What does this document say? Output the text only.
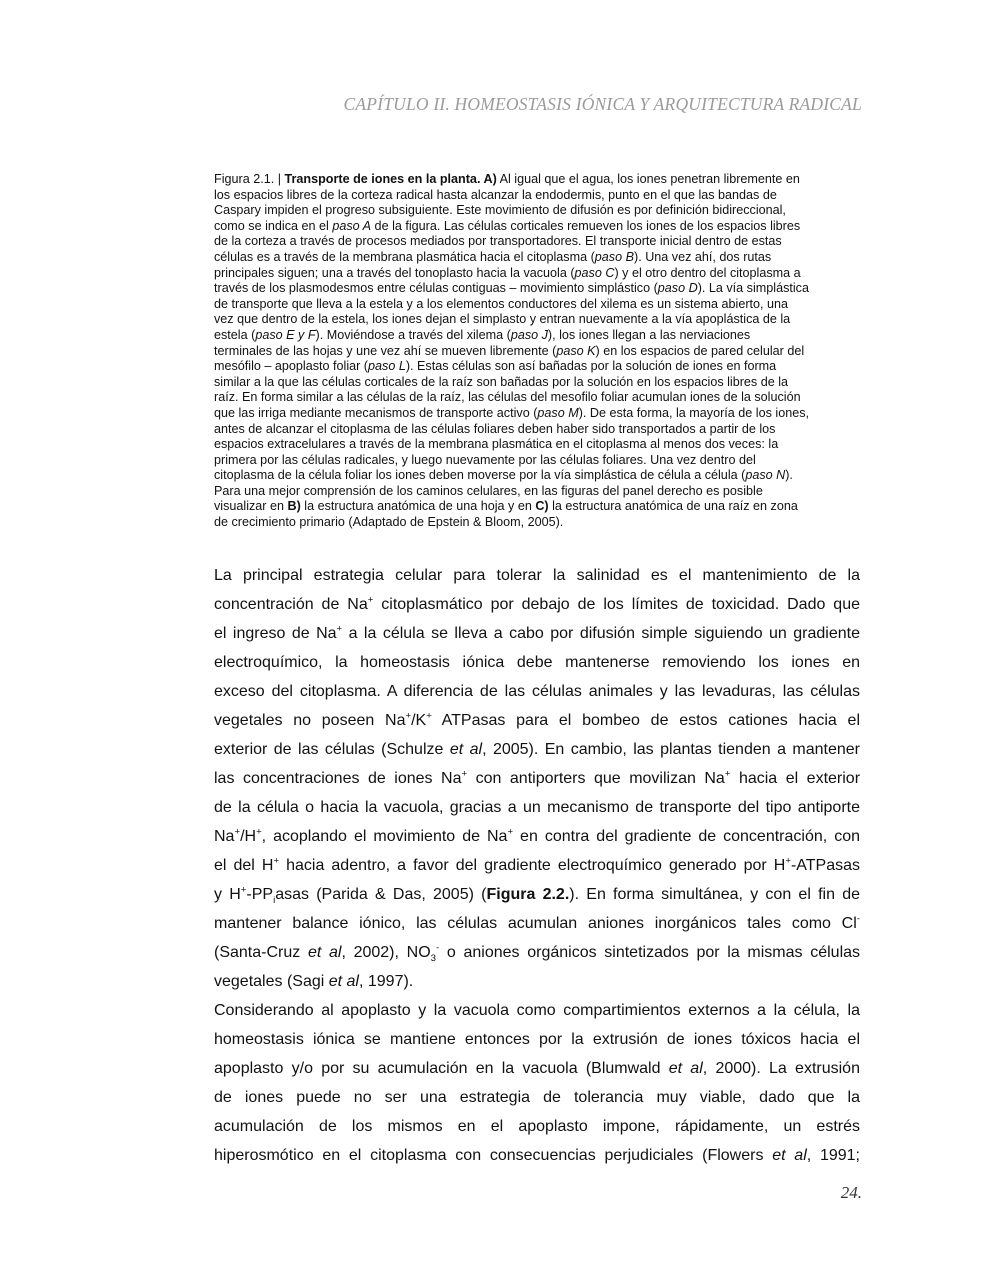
CAPÍTULO II. HOMEOSTASIS IÓNICA Y ARQUITECTURA RADICAL
Figura 2.1. | Transporte de iones en la planta. A) Al igual que el agua, los iones penetran libremente en
los espacios libres de la corteza radical hasta alcanzar la endodermis, punto en el que las bandas de
Caspary impiden el progreso subsiguiente. Este movimiento de difusión es por definición bidireccional,
como se indica en el paso A de la figura. Las células corticales remueven los iones de los espacios libres
de la corteza a través de procesos mediados por transportadores. El transporte inicial dentro de estas
células es a través de la membrana plasmática hacia el citoplasma (paso B). Una vez ahí, dos rutas
principales siguen; una a través del tonoplasto hacia la vacuola (paso C) y el otro dentro del citoplasma a
través de los plasmodesmos entre células contiguas – movimiento simplástico (paso D). La vía simplástica
de transporte que lleva a la estela y a los elementos conductores del xilema es un sistema abierto, una
vez que dentro de la estela, los iones dejan el simplasto y entran nuevamente a la vía apoplástica de la
estela (paso E y F). Moviéndose a través del xilema (paso J), los iones llegan a las nerviaciones
terminales de las hojas y une vez ahí se mueven libremente (paso K) en los espacios de pared celular del
mesófilo – apoplasto foliar (paso L). Estas células son así bañadas por la solución de iones en forma
similar a la que las células corticales de la raíz son bañadas por la solución en los espacios libres de la
raíz. En forma similar a las células de la raíz, las células del mesofilo foliar acumulan iones de la solución
que las irriga mediante mecanismos de transporte activo (paso M). De esta forma, la mayoría de los iones,
antes de alcanzar el citoplasma de las células foliares deben haber sido transportados a partir de los
espacios extracelulares a través de la membrana plasmática en el citoplasma al menos dos veces: la
primera por las células radicales, y luego nuevamente por las células foliares. Una vez dentro del
citoplasma de la célula foliar los iones deben moverse por la vía simplástica de célula a célula (paso N).
Para una mejor comprensión de los caminos celulares, en las figuras del panel derecho es posible
visualizar en B) la estructura anatómica de una hoja y en C) la estructura anatómica de una raíz en zona
de crecimiento primario (Adaptado de Epstein & Bloom, 2005).
La principal estrategia celular para tolerar la salinidad es el mantenimiento de la
concentración de Na+ citoplasmático por debajo de los límites de toxicidad. Dado que
el ingreso de Na+ a la célula se lleva a cabo por difusión simple siguiendo un gradiente
electroquímico, la homeostasis iónica debe mantenerse removiendo los iones en
exceso del citoplasma. A diferencia de las células animales y las levaduras, las células
vegetales no poseen Na+/K+ ATPasas para el bombeo de estos cationes hacia el
exterior de las células (Schulze et al, 2005). En cambio, las plantas tienden a mantener
las concentraciones de iones Na+ con antiporters que movilizan Na+ hacia el exterior
de la célula o hacia la vacuola, gracias a un mecanismo de transporte del tipo antiporte
Na+/H+, acoplando el movimiento de Na+ en contra del gradiente de concentración, con
el del H+ hacia adentro, a favor del gradiente electroquímico generado por H+-ATPasas
y $H^+-PP_iasas$ (Parida & Das, 2005) (Figura 2.2.). En forma simultánea, y con el fin de
mantener balance iónico, las células acumulan aniones inorgánicos tales como Cl-
(Santa-Cruz et al, 2002), $NO_3^-$ o aniones orgánicos sintetizados por la mismas células
vegetales (Sagi et al, 1997).
Considerando al apoplasto y la vacuola como compartimientos externos a la célula, la
homeostasis iónica se mantiene entonces por la extrusión de iones tóxicos hacia el
apoplasto y/o por su acumulación en la vacuola (Blumwald et al, 2000). La extrusión
de iones puede no ser una estrategia de tolerancia muy viable, dado que la
acumulación de los mismos en el apoplasto impone, rápidamente, un estrés
hiperosmótico en el citoplasma con consecuencias perjudiciales (Flowers et al, 1991;
24.
